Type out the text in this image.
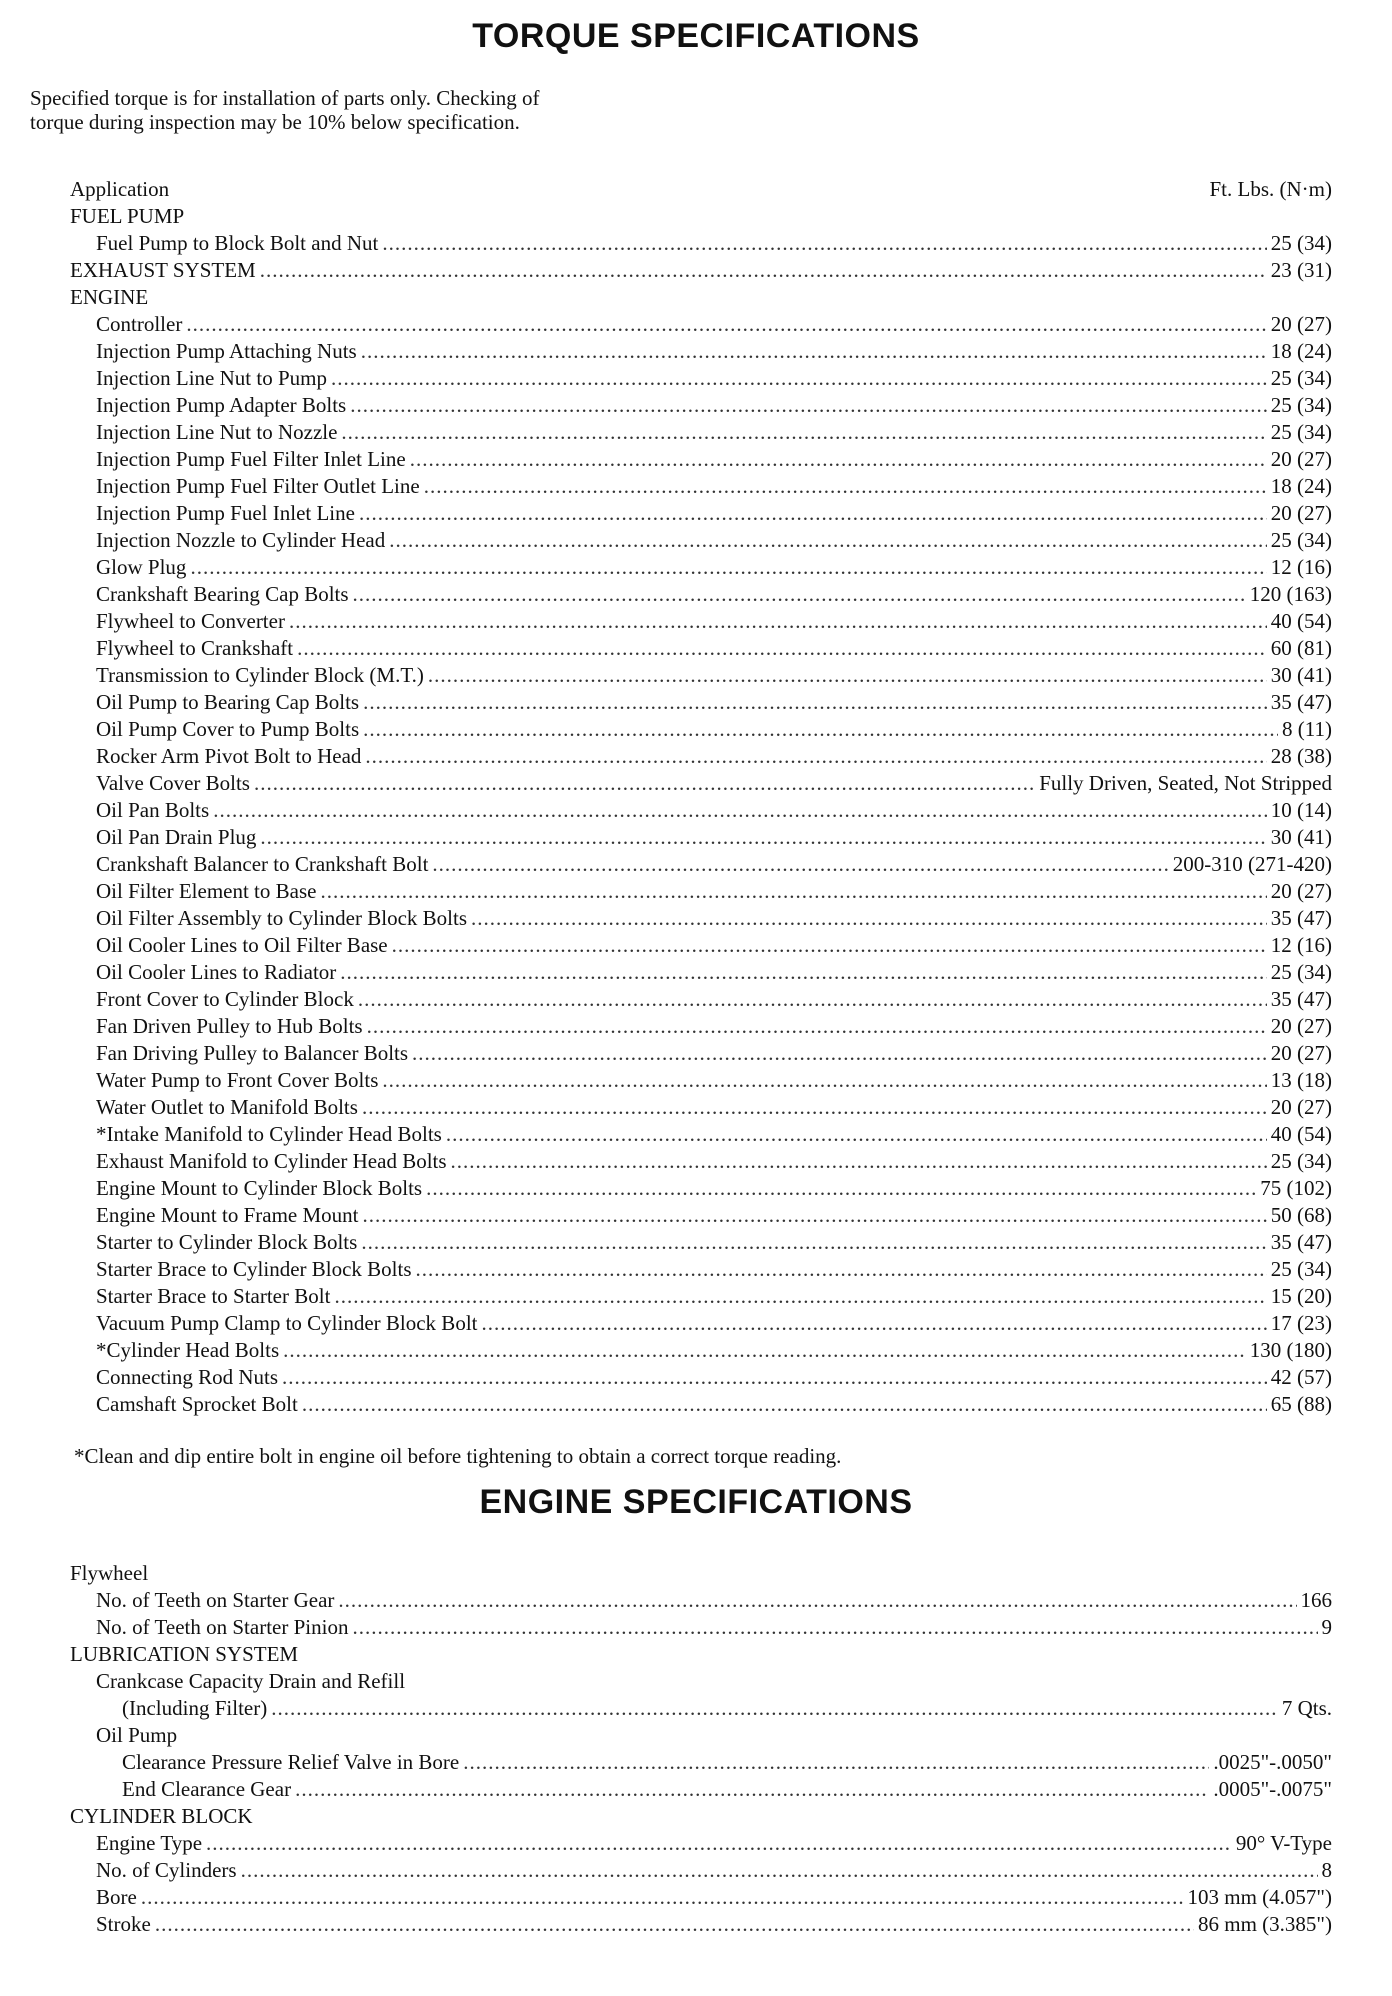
TORQUE SPECIFICATIONS
Specified torque is for installation of parts only. Checking of
torque during inspection may be 10% below specification.
Application	Ft. Lbs. (N·m)
FUEL PUMP
Fuel Pump to Block Bolt and Nut .....	25 (34)
EXHAUST SYSTEM .....	23 (31)
ENGINE
Controller .....	20 (27)
Injection Pump Attaching Nuts .....	18 (24)
Injection Line Nut to Pump .....	25 (34)
Injection Pump Adapter Bolts .....	25 (34)
Injection Line Nut to Nozzle .....	25 (34)
Injection Pump Fuel Filter Inlet Line .....	20 (27)
Injection Pump Fuel Filter Outlet Line .....	18 (24)
Injection Pump Fuel Inlet Line .....	20 (27)
Injection Nozzle to Cylinder Head .....	25 (34)
Glow Plug .....	12 (16)
Crankshaft Bearing Cap Bolts .....	120 (163)
Flywheel to Converter .....	40 (54)
Flywheel to Crankshaft .....	60 (81)
Transmission to Cylinder Block (M.T.) .....	30 (41)
Oil Pump to Bearing Cap Bolts .....	35 (47)
Oil Pump Cover to Pump Bolts .....	8 (11)
Rocker Arm Pivot Bolt to Head .....	28 (38)
Valve Cover Bolts .....	Fully Driven, Seated, Not Stripped
Oil Pan Bolts .....	10 (14)
Oil Pan Drain Plug .....	30 (41)
Crankshaft Balancer to Crankshaft Bolt .....	200-310 (271-420)
Oil Filter Element to Base .....	20 (27)
Oil Filter Assembly to Cylinder Block Bolts .....	35 (47)
Oil Cooler Lines to Oil Filter Base .....	12 (16)
Oil Cooler Lines to Radiator .....	25 (34)
Front Cover to Cylinder Block .....	35 (47)
Fan Driven Pulley to Hub Bolts .....	20 (27)
Fan Driving Pulley to Balancer Bolts .....	20 (27)
Water Pump to Front Cover Bolts .....	13 (18)
Water Outlet to Manifold Bolts .....	20 (27)
*Intake Manifold to Cylinder Head Bolts .....	40 (54)
Exhaust Manifold to Cylinder Head Bolts .....	25 (34)
Engine Mount to Cylinder Block Bolts .....	75 (102)
Engine Mount to Frame Mount .....	50 (68)
Starter to Cylinder Block Bolts .....	35 (47)
Starter Brace to Cylinder Block Bolts .....	25 (34)
Starter Brace to Starter Bolt .....	15 (20)
Vacuum Pump Clamp to Cylinder Block Bolt .....	17 (23)
*Cylinder Head Bolts .....	130 (180)
Connecting Rod Nuts .....	42 (57)
Camshaft Sprocket Bolt .....	65 (88)
*Clean and dip entire bolt in engine oil before tightening to obtain a correct torque reading.
ENGINE SPECIFICATIONS
Flywheel
No. of Teeth on Starter Gear .....	166
No. of Teeth on Starter Pinion .....	9
LUBRICATION SYSTEM
Crankcase Capacity Drain and Refill
(Including Filter) .....	7 Qts.
Oil Pump
Clearance Pressure Relief Valve in Bore .....	.0025"-.0050"
End Clearance Gear .....	.0005"-.0075"
CYLINDER BLOCK
Engine Type .....	90° V-Type
No. of Cylinders .....	8
Bore .....	103 mm (4.057")
Stroke .....	86 mm (3.385")
